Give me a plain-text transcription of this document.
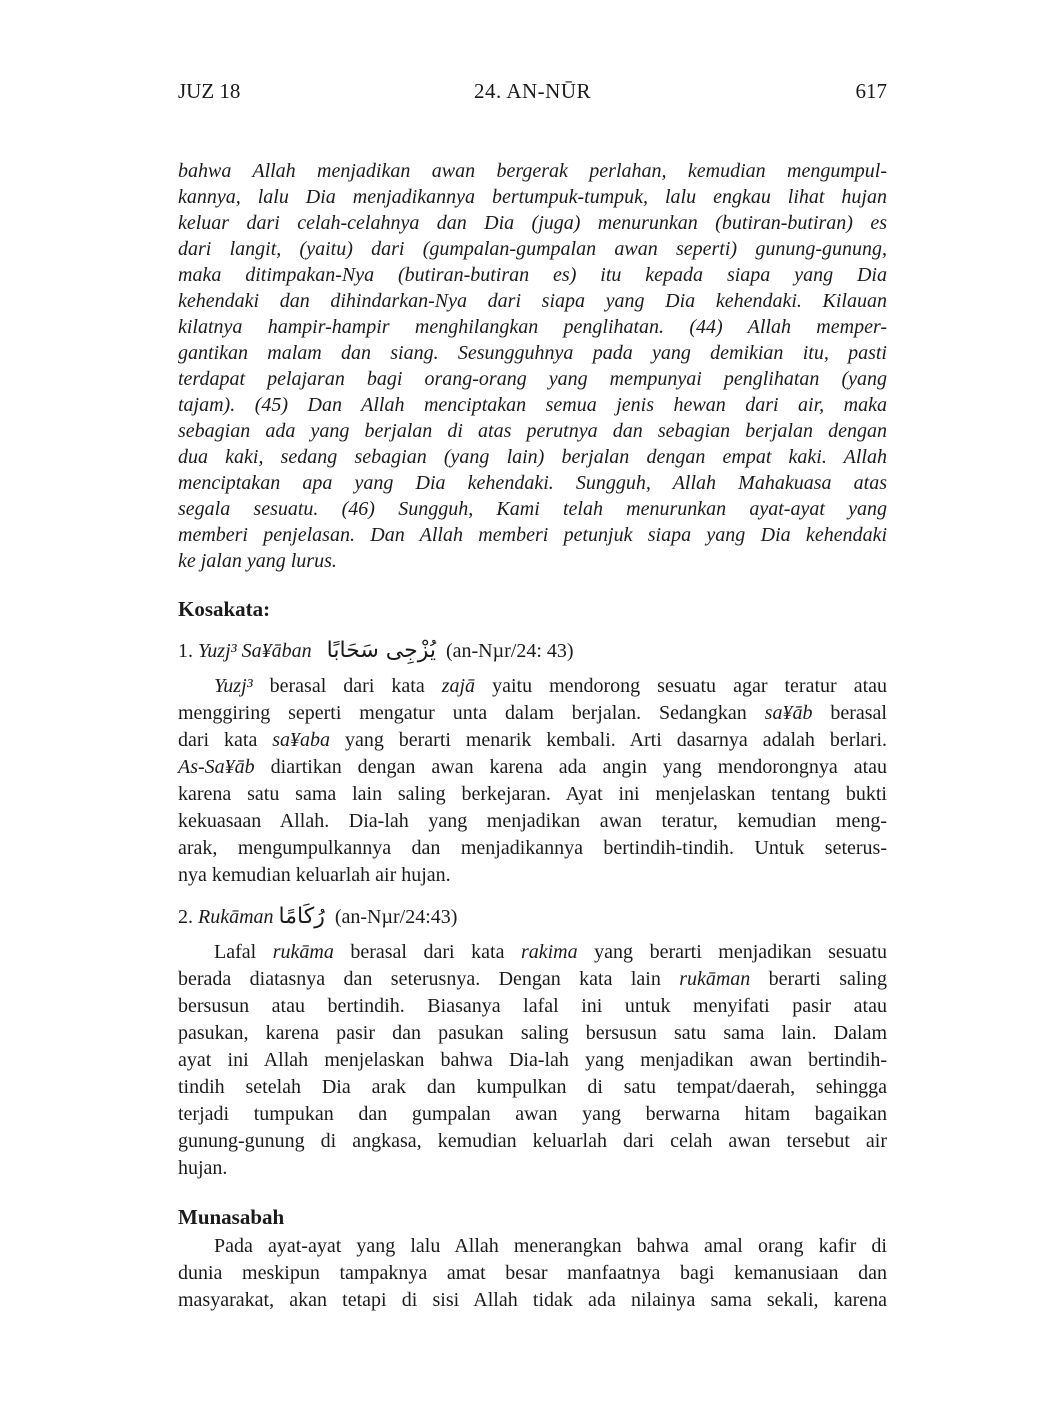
JUZ 18	24. AN-NŪR	617
bahwa Allah menjadikan awan bergerak perlahan, kemudian mengumpul-
kannya, lalu Dia menjadikannya bertumpuk-tumpuk, lalu engkau lihat hujan
keluar dari celah-celahnya dan Dia (juga) menurunkan (butiran-butiran) es
dari langit, (yaitu) dari (gumpalan-gumpalan awan seperti) gunung-gunung,
maka ditimpakan-Nya (butiran-butiran es) itu kepada siapa yang Dia
kehendaki dan dihindarkan-Nya dari siapa yang Dia kehendaki. Kilauan
kilatnya hampir-hampir menghilangkan penglihatan. (44) Allah memper-
gantikan malam dan siang. Sesungguhnya pada yang demikian itu, pasti
terdapat pelajaran bagi orang-orang yang mempunyai penglihatan (yang
tajam). (45) Dan Allah menciptakan semua jenis hewan dari air, maka
sebagian ada yang berjalan di atas perutnya dan sebagian berjalan dengan
dua kaki, sedang sebagian (yang lain) berjalan dengan empat kaki. Allah
menciptakan apa yang Dia kehendaki. Sungguh, Allah Mahakuasa atas
segala sesuatu. (46) Sungguh, Kami telah menurunkan ayat-ayat yang
memberi penjelasan. Dan Allah memberi petunjuk siapa yang Dia kehendaki
ke jalan yang lurus.
Kosakata:
1. Yuzj³ Sa¥āban يُزْجِى سَحَابًا  (an-Nµr/24: 43)
Yuzj³ berasal dari kata zajā yaitu mendorong sesuatu agar teratur atau
menggiring seperti mengatur unta dalam berjalan. Sedangkan sa¥āb berasal
dari kata sa¥aba yang berarti menarik kembali. Arti dasarnya adalah berlari.
As-Sa¥āb diartikan dengan awan karena ada angin yang mendorongnya atau
karena satu sama lain saling berkejaran. Ayat ini menjelaskan tentang bukti
kekuasaan Allah. Dia-lah yang menjadikan awan teratur, kemudian meng-
arak, mengumpulkannya dan menjadikannya bertindih-tindih. Untuk seterus-
nya kemudian keluarlah air hujan.
2. Rukāman رُكَامًا  (an-Nµr/24:43)
Lafal rukāma berasal dari kata rakima yang berarti menjadikan sesuatu
berada diatasnya dan seterusnya. Dengan kata lain rukāman berarti saling
bersusun atau bertindih. Biasanya lafal ini untuk menyifati pasir atau
pasukan, karena pasir dan pasukan saling bersusun satu sama lain. Dalam
ayat ini Allah menjelaskan bahwa Dia-lah yang menjadikan awan bertindih-
tindih setelah Dia arak dan kumpulkan di satu tempat/daerah, sehingga
terjadi tumpukan dan gumpalan awan yang berwarna hitam bagaikan
gunung-gunung di angkasa, kemudian keluarlah dari celah awan tersebut air
hujan.
Munasabah
Pada ayat-ayat yang lalu Allah menerangkan bahwa amal orang kafir di
dunia meskipun tampaknya amat besar manfaatnya bagi kemanusiaan dan
masyarakat, akan tetapi di sisi Allah tidak ada nilainya sama sekali, karena
